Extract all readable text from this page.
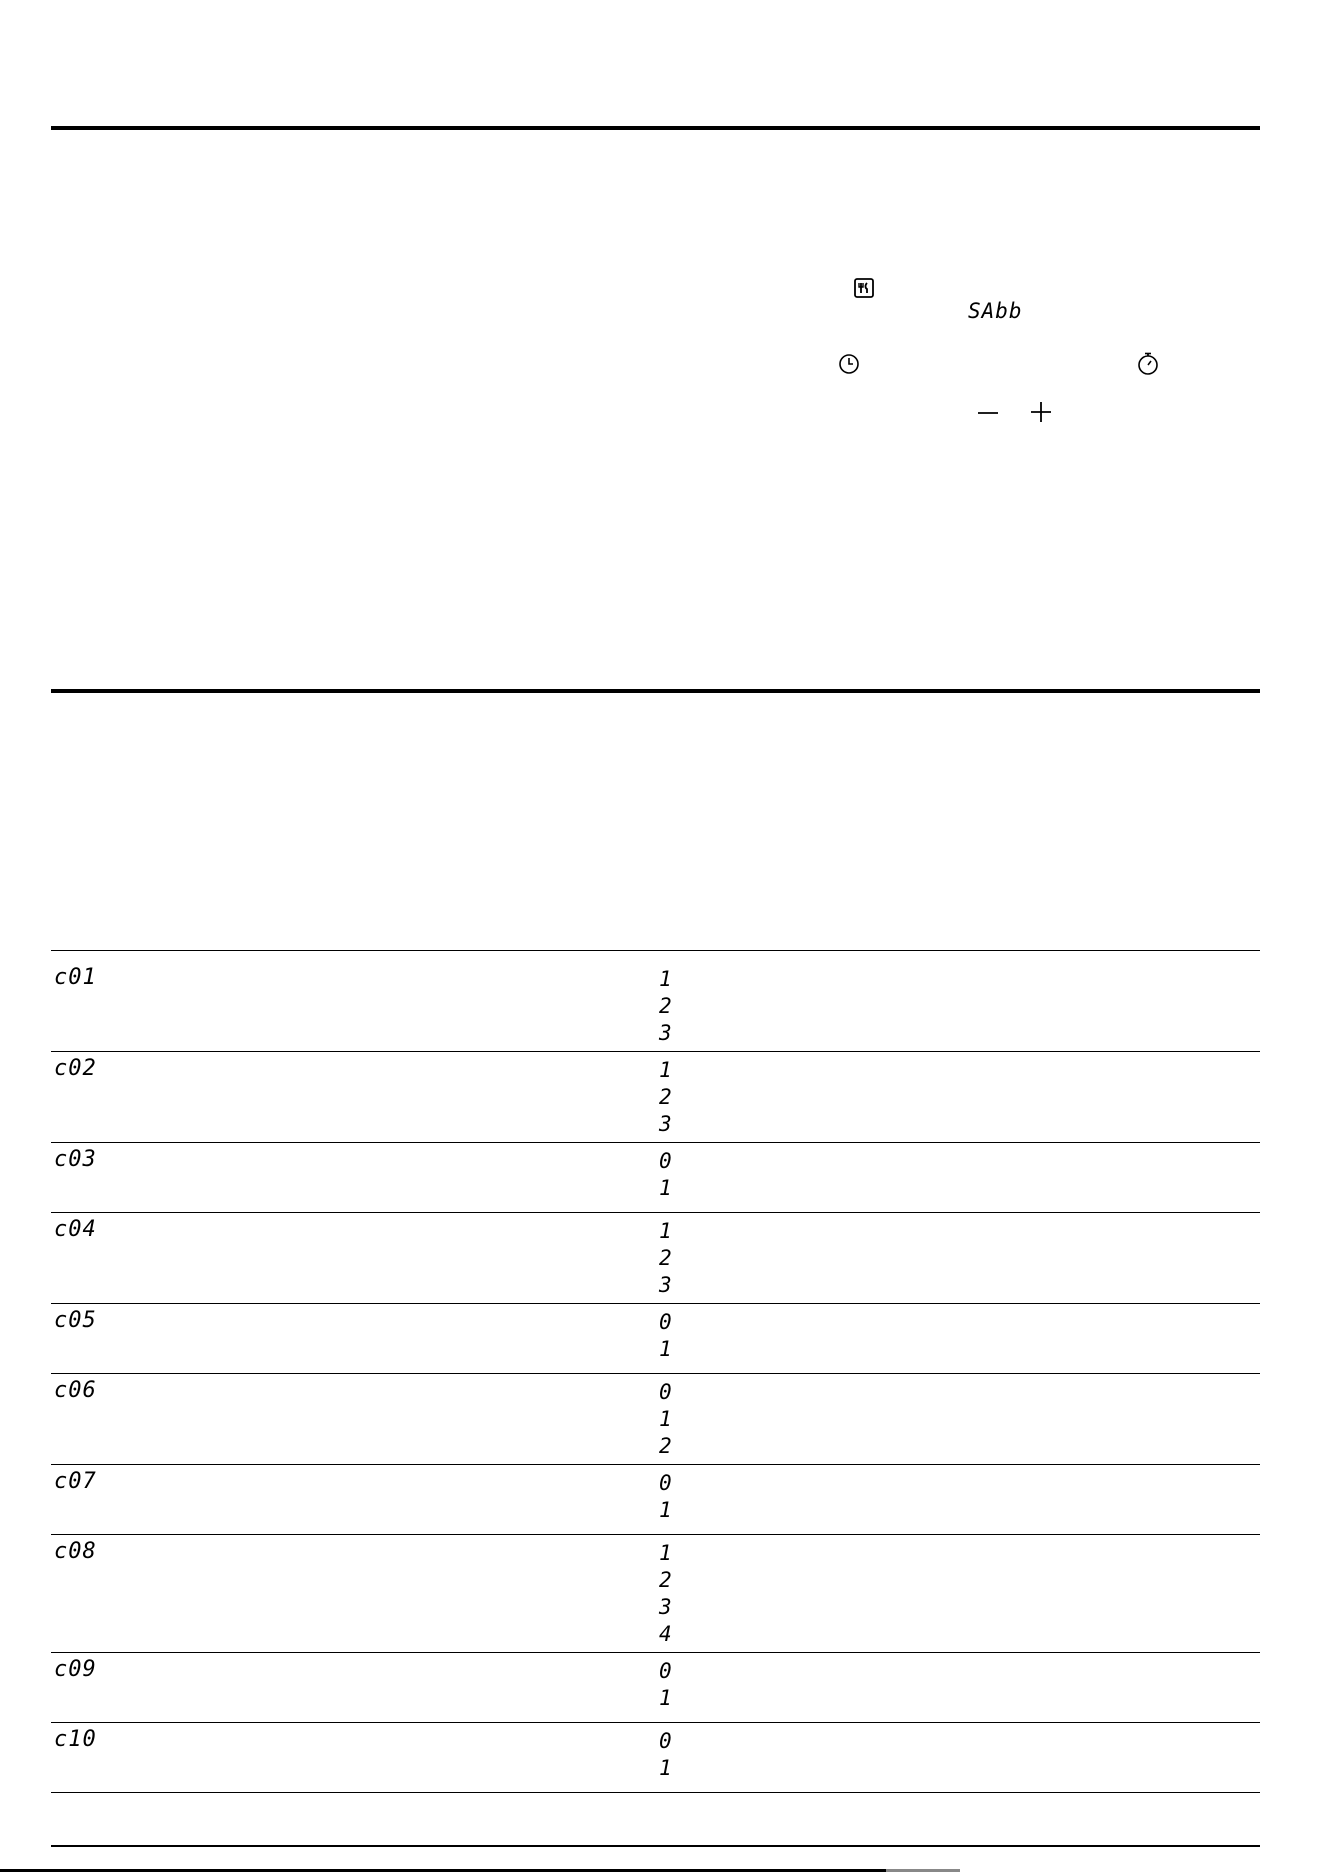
SAbb
c01	1
2
3

c02	1
2
3

c03	0
1

c04	1
2
3

c05	0
1

c06	0
1
2

c07	0
1

c08	1
2
3
4

c09	0
1

c10	0
1
